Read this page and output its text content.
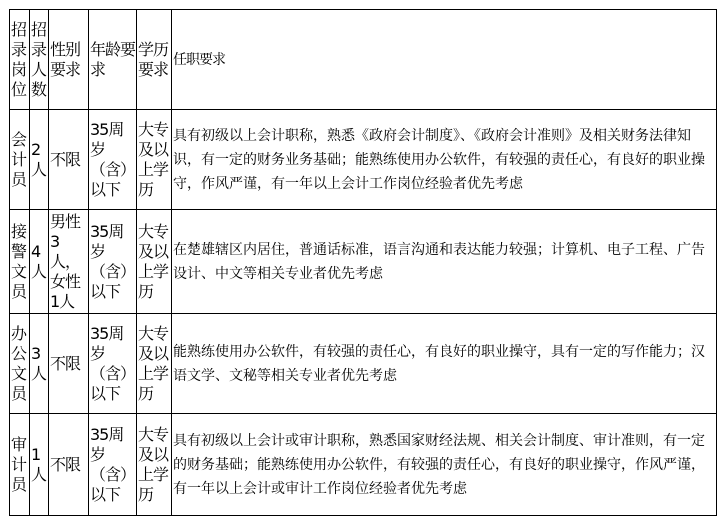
招录岗位	招录人数	性别要求	年龄要求	学历要求	任职要求
会计员	2人	不限	35周岁（含）以下	大专及以上学历	具有初级以上会计职称，熟悉《政府会计制度》、《政府会计准则》及相关财务法律知识，有一定的财务业务基础；能熟练使用办公软件，有较强的责任心，有良好的职业操守，作风严谨，有一年以上会计工作岗位经验者优先考虑
接警文员	4人	男性3人，女性1人	35周岁（含）以下	大专及以上学历	在楚雄辖区内居住，普通话标准，语言沟通和表达能力较强；计算机、电子工程、广告设计、中文等相关专业者优先考虑
办公文员	3人	不限	35周岁（含）以下	大专及以上学历	能熟练使用办公软件，有较强的责任心，有良好的职业操守，具有一定的写作能力；汉语文学、文秘等相关专业者优先考虑
审计员	1人	不限	35周岁（含）以下	大专及以上学历	具有初级以上会计或审计职称，熟悉国家财经法规、相关会计制度、审计准则，有一定的财务基础；能熟练使用办公软件，有较强的责任心，有良好的职业操守，作风严谨，有一年以上会计或审计工作岗位经验者优先考虑
